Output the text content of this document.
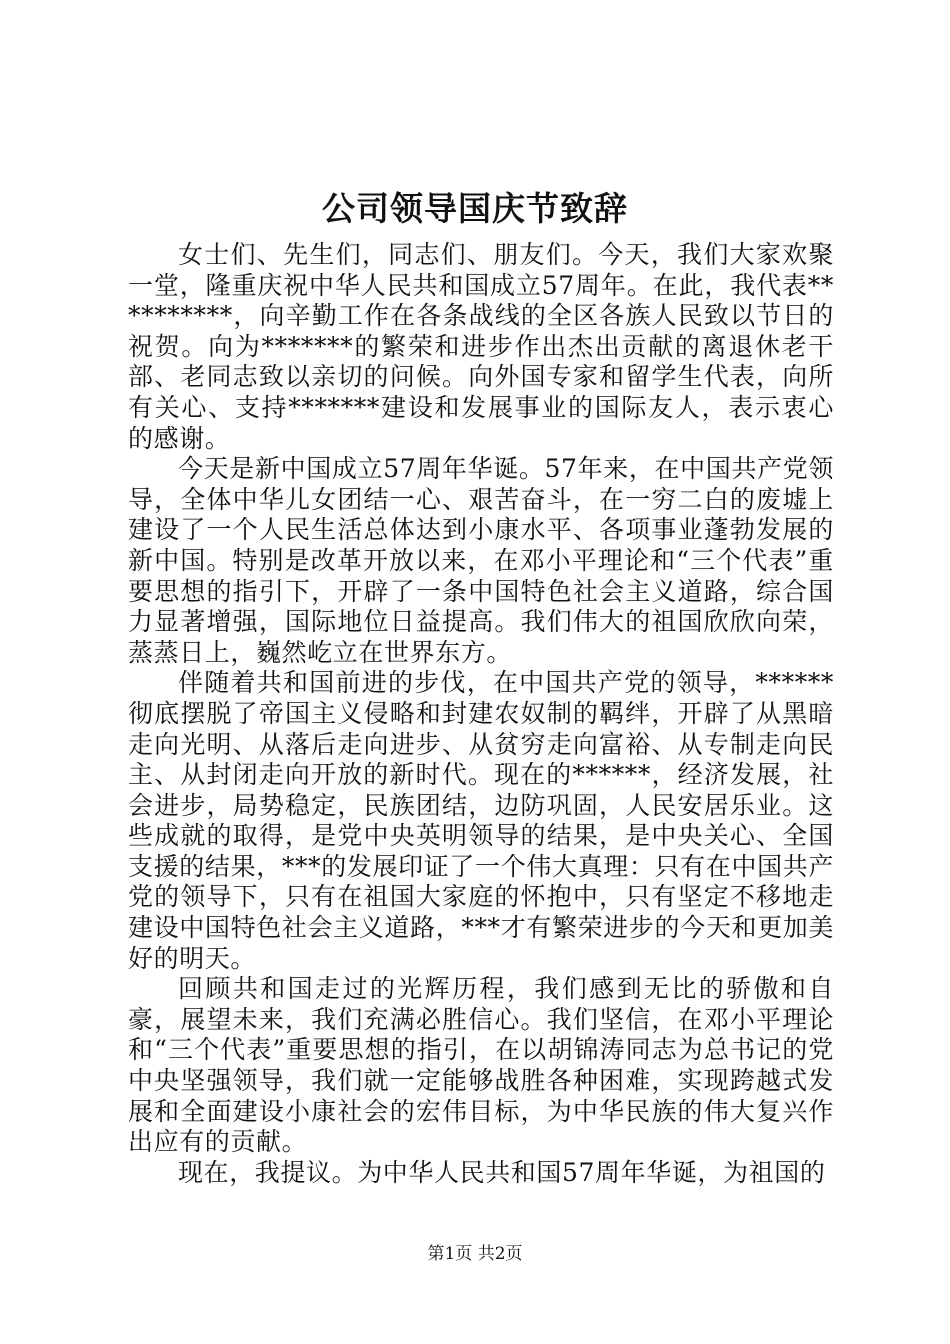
公司领导国庆节致辞

女士们、先生们，同志们、朋友们。今天，我们大家欢聚一堂，隆重庆祝中华人民共和国成立57周年。在此，我代表**********，向辛勤工作在各条战线的全区各族人民致以节日的祝贺。向为*******的繁荣和进步作出杰出贡献的离退休老干部、老同志致以亲切的问候。向外国专家和留学生代表，向所有关心、支持*******建设和发展事业的国际友人，表示衷心的感谢。

今天是新中国成立57周年华诞。57年来，在中国共产党领导，全体中华儿女团结一心、艰苦奋斗，在一穷二白的废墟上建设了一个人民生活总体达到小康水平、各项事业蓬勃发展的新中国。特别是改革开放以来，在邓小平理论和“三个代表”重要思想的指引下，开辟了一条中国特色社会主义道路，综合国力显著增强，国际地位日益提高。我们伟大的祖国欣欣向荣，蒸蒸日上，巍然屹立在世界东方。

伴随着共和国前进的步伐，在中国共产党的领导，******彻底摆脱了帝国主义侵略和封建农奴制的羁绊，开辟了从黑暗走向光明、从落后走向进步、从贫穷走向富裕、从专制走向民主、从封闭走向开放的新时代。现在的******，经济发展，社会进步，局势稳定，民族团结，边防巩固，人民安居乐业。这些成就的取得，是党中央英明领导的结果，是中央关心、全国支援的结果，***的发展印证了一个伟大真理：只有在中国共产党的领导下，只有在祖国大家庭的怀抱中，只有坚定不移地走建设中国特色社会主义道路，***才有繁荣进步的今天和更加美好的明天。

回顾共和国走过的光辉历程，我们感到无比的骄傲和自豪，展望未来，我们充满必胜信心。我们坚信，在邓小平理论和“三个代表”重要思想的指引，在以胡锦涛同志为总书记的党中央坚强领导，我们就一定能够战胜各种困难，实现跨越式发展和全面建设小康社会的宏伟目标，为中华民族的伟大复兴作出应有的贡献。

现在，我提议。为中华人民共和国57周年华诞，为祖国的

第1页 共2页
